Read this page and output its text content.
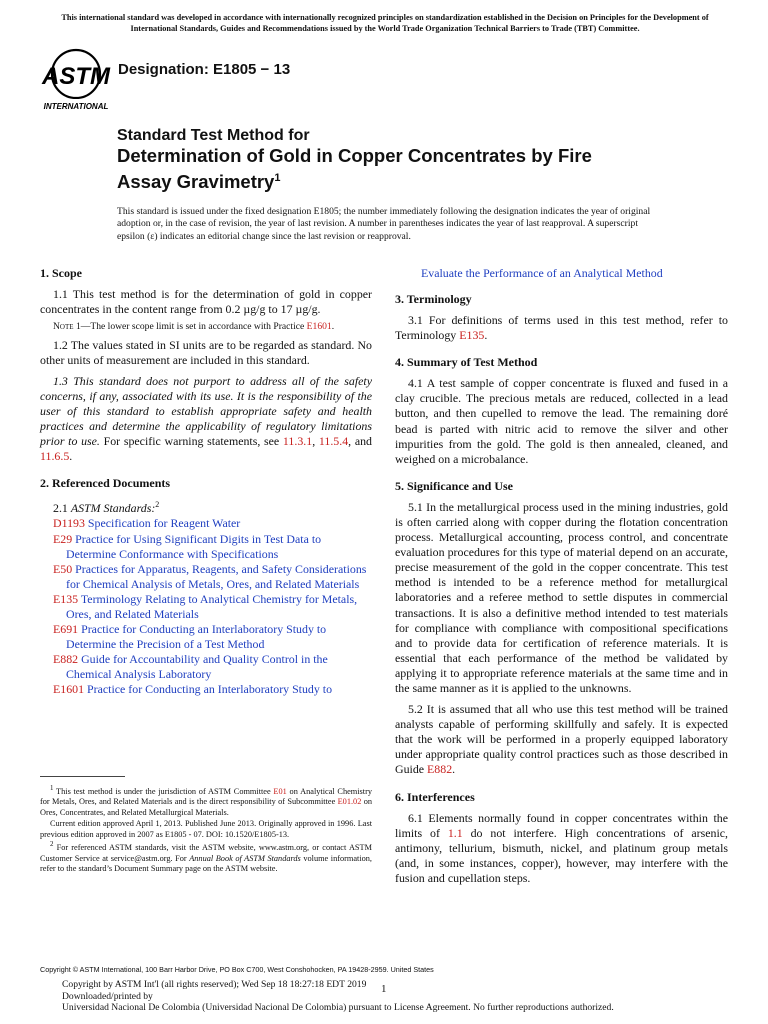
This international standard was developed in accordance with internationally recognized principles on standardization established in the Decision on Principles for the Development of International Standards, Guides and Recommendations issued by the World Trade Organization Technical Barriers to Trade (TBT) Committee.
ASTM
INTERNATIONAL
Designation: E1805 − 13
Standard Test Method for
Determination of Gold in Copper Concentrates by Fire
Assay Gravimetry$^1$
This standard is issued under the fixed designation E1805; the number immediately following the designation indicates the year of original adoption or, in the case of revision, the year of last revision. A number in parentheses indicates the year of last reapproval. A superscript epsilon (ε) indicates an editorial change since the last revision or reapproval.
1. Scope

1.1 This test method is for the determination of gold in copper concentrates in the content range from 0.2 µg/g to 17 µg/g.

Note 1—The lower scope limit is set in accordance with Practice E1601.

1.2 The values stated in SI units are to be regarded as standard. No other units of measurement are included in this standard.

1.3 This standard does not purport to address all of the safety concerns, if any, associated with its use. It is the responsibility of the user of this standard to establish appropriate safety and health practices and determine the applicability of regulatory limitations prior to use. For specific warning statements, see 11.3.1, 11.5.4, and 11.6.5.

2. Referenced Documents

2.1 ASTM Standards:$^2$

D1193 Specification for Reagent Water

E29 Practice for Using Significant Digits in Test Data to Determine Conformance with Specifications

E50 Practices for Apparatus, Reagents, and Safety Considerations for Chemical Analysis of Metals, Ores, and Related Materials

E135 Terminology Relating to Analytical Chemistry for Metals, Ores, and Related Materials

E691 Practice for Conducting an Interlaboratory Study to Determine the Precision of a Test Method

E882 Guide for Accountability and Quality Control in the Chemical Analysis Laboratory

E1601 Practice for Conducting an Interlaboratory Study to

$^1$ This test method is under the jurisdiction of ASTM Committee E01 on Analytical Chemistry for Metals, Ores, and Related Materials and is the direct responsibility of Subcommittee E01.02 on Ores, Concentrates, and Related Metallurgical Materials.

Current edition approved April 1, 2013. Published June 2013. Originally approved in 1996. Last previous edition approved in 2007 as E1805 - 07. DOI: 10.1520/E1805-13.

$^2$ For referenced ASTM standards, visit the ASTM website, www.astm.org, or contact ASTM Customer Service at service@astm.org. For Annual Book of ASTM Standards volume information, refer to the standard’s Document Summary page on the ASTM website.

Evaluate the Performance of an Analytical Method

3. Terminology

3.1 For definitions of terms used in this test method, refer to Terminology E135.

4. Summary of Test Method

4.1 A test sample of copper concentrate is fluxed and fused in a clay crucible. The precious metals are reduced, collected in a lead button, and then cupelled to remove the lead. The remaining doré bead is parted with nitric acid to remove the silver and other impurities from the gold. The gold is then annealed, cleaned, and weighed on a microbalance.

5. Significance and Use

5.1 In the metallurgical process used in the mining industries, gold is often carried along with copper during the flotation concentration process. Metallurgical accounting, process control, and concentrate evaluation procedures for this type of material depend on an accurate, precise measurement of the gold in the copper concentrate. This test method is intended to be a reference method for metallurgical laboratories and a referee method to settle disputes in commercial transactions. It is also a definitive method intended to test materials for compliance with compliance with compositional specifications and to provide data for certification of reference materials. It is essential that each performance of the method be validated by applying it to appropriate reference materials at the same time and in the same manner as it is applied to the unknowns.

5.2 It is assumed that all who use this test method will be trained analysts capable of performing skillfully and safely. It is expected that the work will be performed in a properly equipped laboratory under appropriate quality control practices such as those described in Guide E882.

6. Interferences

6.1 Elements normally found in copper concentrates within the limits of 1.1 do not interfere. High concentrations of arsenic, antimony, tellurium, bismuth, nickel, and platinum group metals (and, in some instances, copper), however, may interfere with the fusion and cupellation steps.

Copyright © ASTM International, 100 Barr Harbor Drive, PO Box C700, West Conshohocken, PA 19428-2959. United States
Copyright by ASTM Int'l (all rights reserved); Wed Sep 18 18:27:18 EDT 2019
Downloaded/printed by
Universidad Nacional De Colombia (Universidad Nacional De Colombia) pursuant to License Agreement. No further reproductions authorized.
1
